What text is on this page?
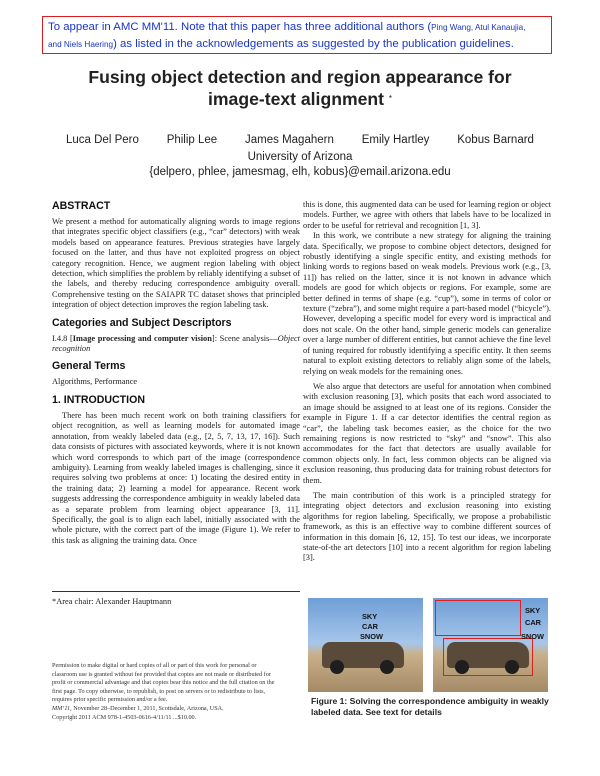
To appear in AMC MM'11. Note that this paper has three additional authors (Ping Wang, Atul Kanaujia,
and Niels Haering) as listed in the acknowledgements as suggested by the publication guidelines.
Fusing object detection and region appearance for
image-text alignment *
Luca Del Pero Philip Lee James Magahern Emily Hartley Kobus Barnard
University of Arizona
{delpero, phlee, jamesmag, elh, kobus}@email.arizona.edu
ABSTRACT

We present a method for automatically aligning words to image regions that integrates specific object classifiers (e.g., “car” detectors) with weak models based on appearance features. Previous strategies have largely focused on the latter, and thus have not exploited progress on object category recognition. Hence, we augment region labeling with object detection, which simplifies the problem by reliably identifying a subset of the labels, and thereby reducing correspondence ambiguity overall. Comprehensive testing on the SAIAPR TC dataset shows that principled integration of object detection improves the region labeling task.

Categories and Subject Descriptors

I.4.8 [Image processing and computer vision]: Scene analysis—Object recognition

General Terms

Algorithms, Performance

1. INTRODUCTION

There has been much recent work on both training classifiers for object recognition, as well as learning models for automated image annotation, from weakly labeled data (e.g., [2, 5, 7, 13, 17, 16]). Such data consists of pictures with associated keywords, where it is not known which word corresponds to which part of the image (correspondence ambiguity). Learning from weakly labeled images is challenging, since it requires solving two problems at once: 1) locating the desired entity in the training data; 2) learning a model for appearance. Recent work suggests addressing the correspondence ambiguity in weakly labeled data as a separate problem from learning object appearance [3, 11]. Specifically, the goal is to align each label, initially associated with the whole picture, with the correct part of the image (Figure 1). We refer to this task as aligning the training data. Once

*Area chair: Alexander Hauptmann
Permission to make digital or hard copies of all or part of this work for personal or classroom use is granted without fee provided that copies are not made or distributed for profit or commercial advantage and that copies bear this notice and the full citation on the first page. To copy otherwise, to republish, to post on servers or to redistribute to lists, requires prior specific permission and/or a fee.
MM’11, November 28–December 1, 2011, Scottsdale, Arizona, USA.
Copyright 2011 ACM 978-1-4503-0616-4/11/11 ...$10.00.

this is done, this augmented data can be used for learning region or object models. Further, we agree with others that labels have to be localized in order to be useful for retrieval and recognition [1, 3].

In this work, we contribute a new strategy for aligning the training data. Specifically, we propose to combine object detectors, designed for robustly identifying a single specific entity, and existing methods for linking words to regions based on weak models. Previous work (e.g., [3, 11]) has relied on the latter, since it is not known in advance which models are good for which objects or regions. For example, some are better defined in terms of shape (e.g. “cup”), some in terms of color or texture (“zebra”), and some might require a part-based model (“bicycle”). However, developing a specific model for every word is impractical and does not scale. On the other hand, simple generic models can generalize over a large number of different entities, but cannot achieve the fine level of tuning required for robustly identifying a specific entity. It then seems natural to exploit existing detectors to reliably align some of the labels, relying on weak models for the remaining ones.

We also argue that detectors are useful for annotation when combined with exclusion reasoning [3], which posits that each word associated to an image should be assigned to at least one of its regions. Consider the example in Figure 1. If a car detector identifies the central region as “car”, the labeling task becomes easier, as the choice for the two remaining regions is now restricted to “sky” and “snow”. This also accommodates for the fact that detectors are usually available for common objects only. In fact, less common objects can be aligned via exclusion reasoning, thus producing data for training robust detectors for them.

The main contribution of this work is a principled strategy for integrating object detectors and exclusion reasoning into existing algorithms for region labeling. Specifically, we propose a probabilistic framework, as this is an effective way to combine different sources of information in this domain [6, 12, 15]. To test our ideas, we incorporate state-of-the art detectors [10] into a recent algorithm for region labeling [3].

SKY
CAR
SNOW
SKY
CAR
SNOW
Figure 1: Solving the correspondence ambiguity in weakly labeled data. See text for details
